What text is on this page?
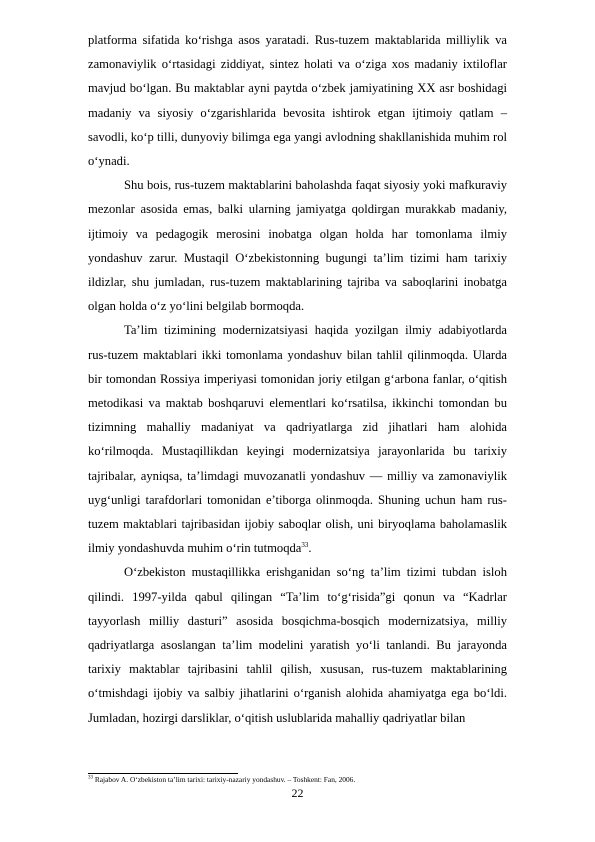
platforma sifatida ko‘rishga asos yaratadi. Rus-tuzem maktablarida milliylik va zamonaviylik o‘rtasidagi ziddiyat, sintez holati va o‘ziga xos madaniy ixtiloflar mavjud bo‘lgan. Bu maktablar ayni paytda o‘zbek jamiyatining XX asr boshidagi madaniy va siyosiy o‘zgarishlarida bevosita ishtirok etgan ijtimoiy qatlam – savodli, ko‘p tilli, dunyoviy bilimga ega yangi avlodning shakllanishida muhim rol o‘ynadi.

Shu bois, rus-tuzem maktablarini baholashda faqat siyosiy yoki mafkuraviy mezonlar asosida emas, balki ularning jamiyatga qoldirgan murakkab madaniy, ijtimoiy va pedagogik merosini inobatga olgan holda har tomonlama ilmiy yondashuv zarur. Mustaqil O‘zbekistonning bugungi ta’lim tizimi ham tarixiy ildizlar, shu jumladan, rus-tuzem maktablarining tajriba va saboqlarini inobatga olgan holda o‘z yo‘lini belgilab bormoqda.

Ta’lim tizimining modernizatsiyasi haqida yozilgan ilmiy adabiyotlarda rus-tuzem maktablari ikki tomonlama yondashuv bilan tahlil qilinmoqda. Ularda bir tomondan Rossiya imperiyasi tomonidan joriy etilgan g‘arbona fanlar, o‘qitish metodikasi va maktab boshqaruvi elementlari ko‘rsatilsa, ikkinchi tomondan bu tizimning mahalliy madaniyat va qadriyatlarga zid jihatlari ham alohida ko‘rilmoqda. Mustaqillikdan keyingi modernizatsiya jarayonlarida bu tarixiy tajribalar, ayniqsa, ta’limdagi muvozanatli yondashuv — milliy va zamonaviylik uyg‘unligi tarafdorlari tomonidan e’tiborga olinmoqda. Shuning uchun ham rus-tuzem maktablari tajribasidan ijobiy saboqlar olish, uni biryoqlama baholamaslik ilmiy yondashuvda muhim o‘rin tutmoqda$^{33}$.

O‘zbekiston mustaqillikka erishganidan so‘ng ta’lim tizimi tubdan isloh qilindi. 1997-yilda qabul qilingan “Ta’lim to‘g‘risida”gi qonun va “Kadrlar tayyorlash milliy dasturi” asosida bosqichma-bosqich modernizatsiya, milliy qadriyatlarga asoslangan ta’lim modelini yaratish yo‘li tanlandi. Bu jarayonda tarixiy maktablar tajribasini tahlil qilish, xususan, rus-tuzem maktablarining o‘tmishdagi ijobiy va salbiy jihatlarini o‘rganish alohida ahamiyatga ega bo‘ldi. Jumladan, hozirgi darsliklar, o‘qitish uslublarida mahalliy qadriyatlar bilan

$^{33}$ Rajabov A. O‘zbekiston ta’lim tarixi: tarixiy-nazariy yondashuv. – Toshkent: Fan, 2006.
22
